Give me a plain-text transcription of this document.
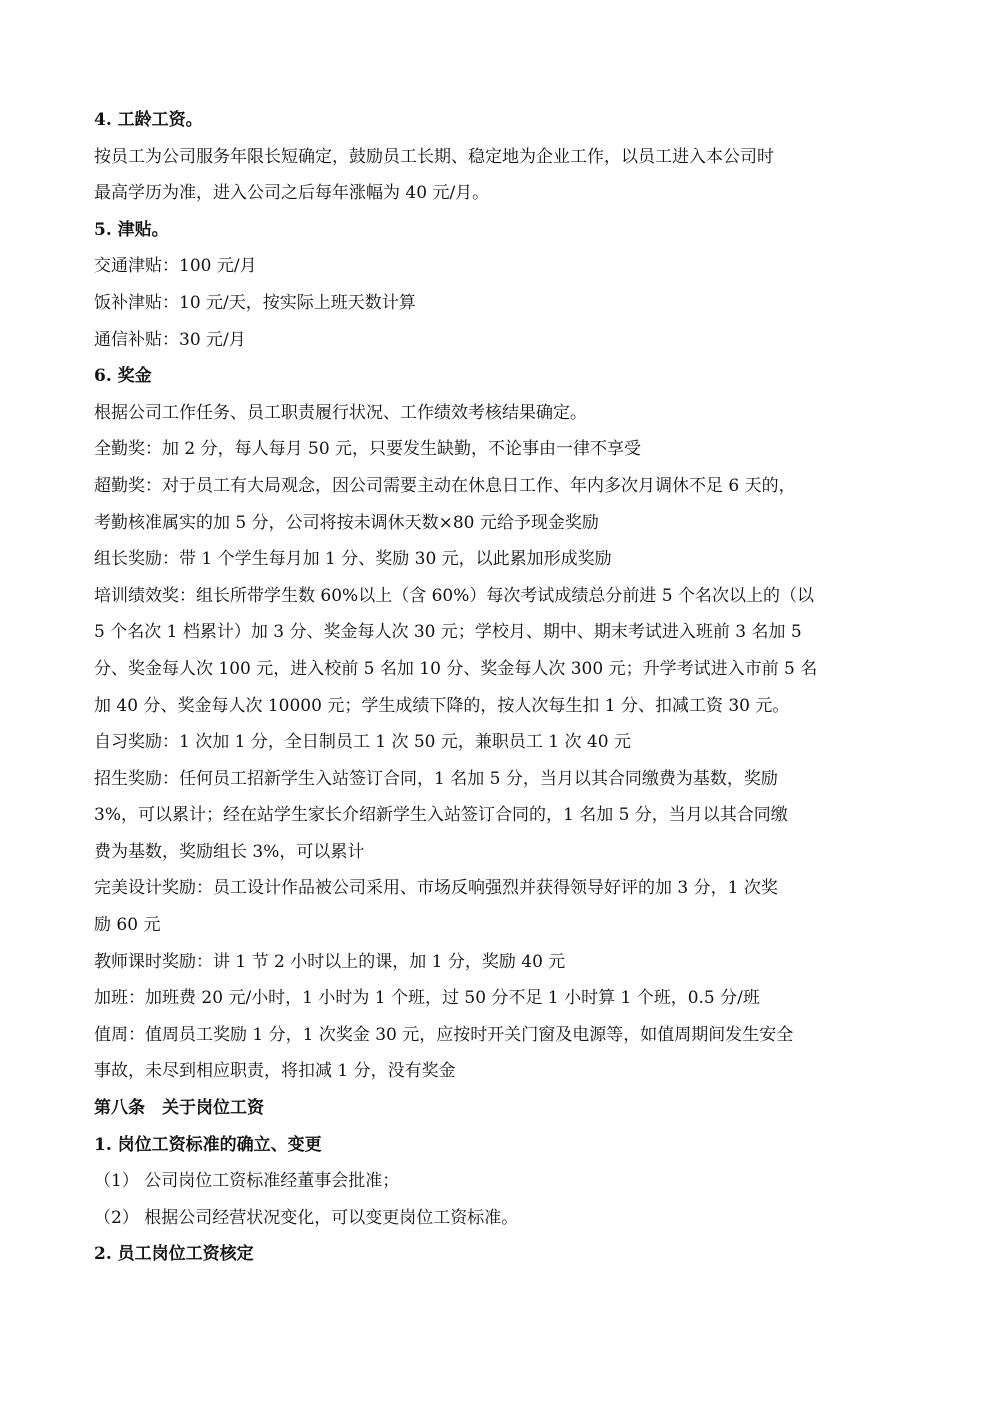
4. 工龄工资。
按员工为公司服务年限长短确定，鼓励员工长期、稳定地为企业工作，以员工进入本公司时
最高学历为准，进入公司之后每年涨幅为 40 元/月。
5. 津贴。
交通津贴：100 元/月
饭补津贴：10 元/天，按实际上班天数计算
通信补贴：30 元/月
6. 奖金
根据公司工作任务、员工职责履行状况、工作绩效考核结果确定。
全勤奖：加 2 分，每人每月 50 元，只要发生缺勤，不论事由一律不享受
超勤奖：对于员工有大局观念，因公司需要主动在休息日工作、年内多次月调休不足 6 天的，
考勤核准属实的加 5 分，公司将按未调休天数×80 元给予现金奖励
组长奖励：带 1 个学生每月加 1 分、奖励 30 元，以此累加形成奖励
培训绩效奖：组长所带学生数 60%以上（含 60%）每次考试成绩总分前进 5 个名次以上的（以
5 个名次 1 档累计）加 3 分、奖金每人次 30 元；学校月、期中、期末考试进入班前 3 名加 5
分、奖金每人次 100 元，进入校前 5 名加 10 分、奖金每人次 300 元；升学考试进入市前 5 名
加 40 分、奖金每人次 10000 元；学生成绩下降的，按人次每生扣 1 分、扣减工资 30 元。
自习奖励：1 次加 1 分，全日制员工 1 次 50 元，兼职员工 1 次 40 元
招生奖励：任何员工招新学生入站签订合同，1 名加 5 分，当月以其合同缴费为基数，奖励
3%，可以累计；经在站学生家长介绍新学生入站签订合同的，1 名加 5 分，当月以其合同缴
费为基数，奖励组长 3%，可以累计
完美设计奖励：员工设计作品被公司采用、市场反响强烈并获得领导好评的加 3 分，1 次奖
励 60 元
教师课时奖励：讲 1 节 2 小时以上的课，加 1 分，奖励 40 元
加班：加班费 20 元/小时，1 小时为 1 个班，过 50 分不足 1 小时算 1 个班，0.5 分/班
值周：值周员工奖励 1 分，1 次奖金 30 元，应按时开关门窗及电源等，如值周期间发生安全
事故，未尽到相应职责，将扣减 1 分，没有奖金
第八条　关于岗位工资
1. 岗位工资标准的确立、变更
（1） 公司岗位工资标准经董事会批准；
（2） 根据公司经营状况变化，可以变更岗位工资标准。
2. 员工岗位工资核定
